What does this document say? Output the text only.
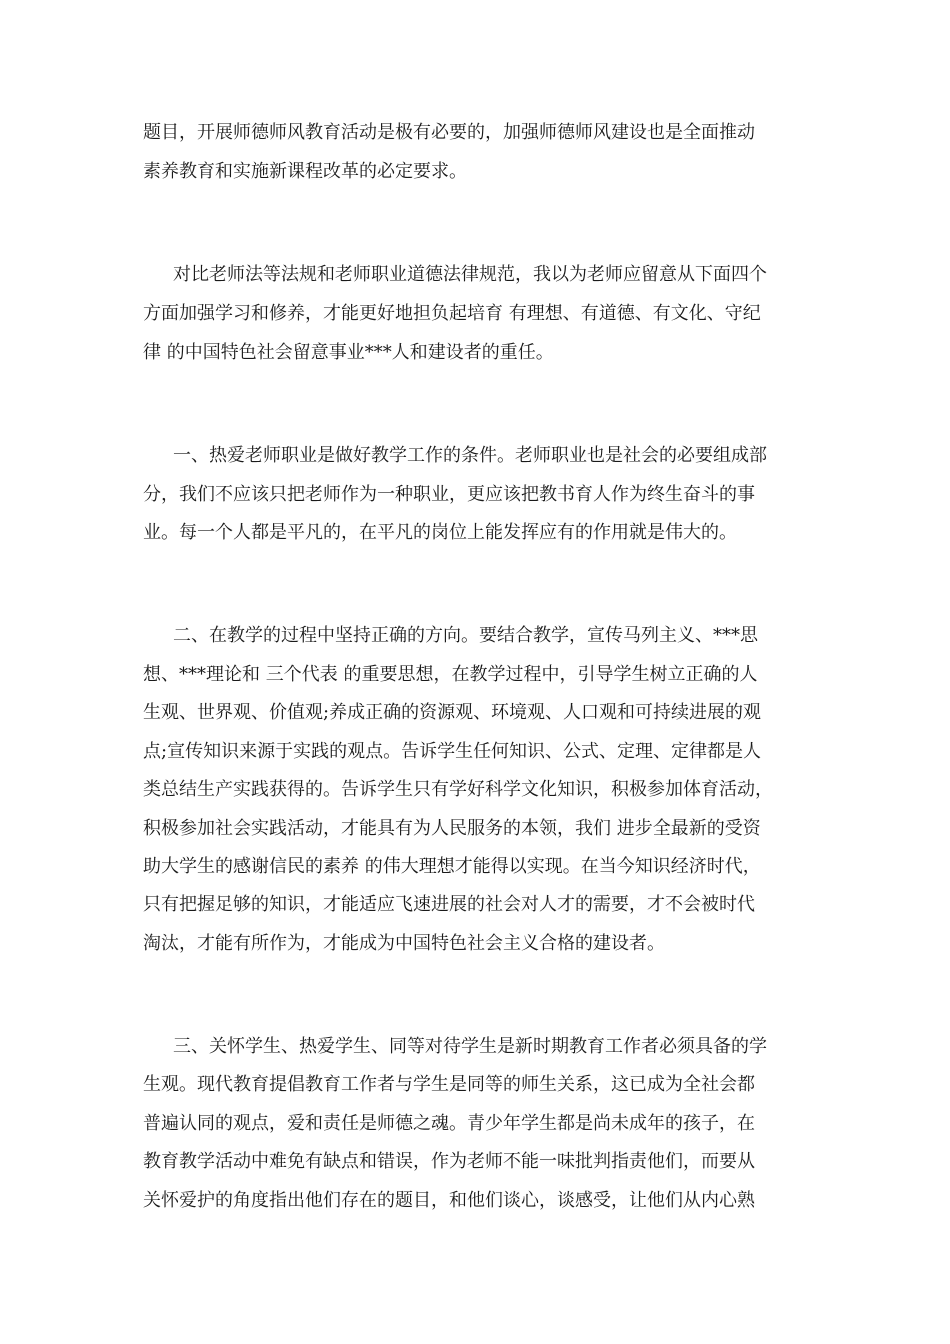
题目，开展师德师风教育活动是极有必要的，加强师德师风建设也是全面推动

素养教育和实施新课程改革的必定要求。

对比老师法等法规和老师职业道德法律规范，我以为老师应留意从下面四个

方面加强学习和修养，才能更好地担负起培育 有理想、有道德、有文化、守纪

律 的中国特色社会留意事业***人和建设者的重任。

一、热爱老师职业是做好教学工作的条件。老师职业也是社会的必要组成部

分，我们不应该只把老师作为一种职业，更应该把教书育人作为终生奋斗的事

业。每一个人都是平凡的，在平凡的岗位上能发挥应有的作用就是伟大的。

二、在教学的过程中坚持正确的方向。要结合教学，宣传马列主义、***思

想、***理论和 三个代表 的重要思想，在教学过程中，引导学生树立正确的人

生观、世界观、价值观;养成正确的资源观、环境观、人口观和可持续进展的观

点;宣传知识来源于实践的观点。告诉学生任何知识、公式、定理、定律都是人

类总结生产实践获得的。告诉学生只有学好科学文化知识，积极参加体育活动，

积极参加社会实践活动，才能具有为人民服务的本领，我们 进步全最新的受资

助大学生的感谢信民的素养 的伟大理想才能得以实现。在当今知识经济时代，

只有把握足够的知识，才能适应飞速进展的社会对人才的需要，才不会被时代

淘汰，才能有所作为，才能成为中国特色社会主义合格的建设者。

三、关怀学生、热爱学生、同等对待学生是新时期教育工作者必须具备的学

生观。现代教育提倡教育工作者与学生是同等的师生关系，这已成为全社会都

普遍认同的观点，爱和责任是师德之魂。青少年学生都是尚未成年的孩子，在

教育教学活动中难免有缺点和错误，作为老师不能一味批判指责他们，而要从

关怀爱护的角度指出他们存在的题目，和他们谈心，谈感受，让他们从内心熟
